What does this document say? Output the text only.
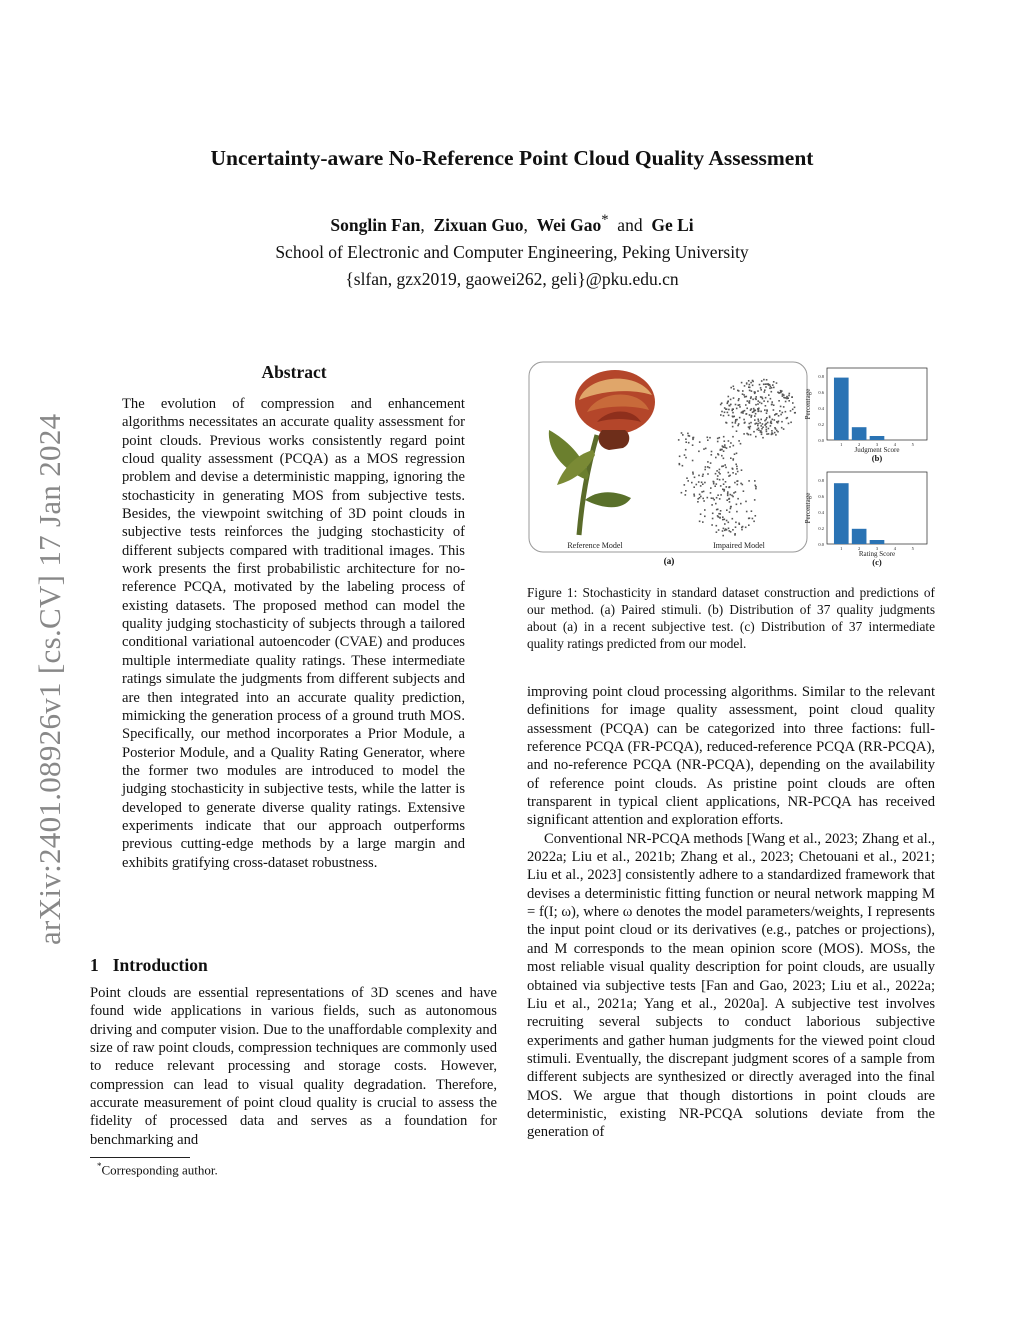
arXiv:2401.08926v1 [cs.CV] 17 Jan 2024
Uncertainty-aware No-Reference Point Cloud Quality Assessment
Songlin Fan, Zixuan Guo, Wei Gao* and Ge Li
School of Electronic and Computer Engineering, Peking University
{slfan, gzx2019, gaowei262, geli}@pku.edu.cn
Abstract

The evolution of compression and enhancement algorithms necessitates an accurate quality assessment for point clouds. Previous works consistently regard point cloud quality assessment (PCQA) as a MOS regression problem and devise a deterministic mapping, ignoring the stochasticity in generating MOS from subjective tests. Besides, the viewpoint switching of 3D point clouds in subjective tests reinforces the judging stochasticity of different subjects compared with traditional images. This work presents the first probabilistic architecture for no-reference PCQA, motivated by the labeling process of existing datasets. The proposed method can model the quality judging stochasticity of subjects through a tailored conditional variational autoencoder (CVAE) and produces multiple intermediate quality ratings. These intermediate ratings simulate the judgments from different subjects and are then integrated into an accurate quality prediction, mimicking the generation process of a ground truth MOS. Specifically, our method incorporates a Prior Module, a Posterior Module, and a Quality Rating Generator, where the former two modules are introduced to model the judging stochasticity in subjective tests, while the latter is developed to generate diverse quality ratings. Extensive experiments indicate that our approach outperforms previous cutting-edge methods by a large margin and exhibits gratifying cross-dataset robustness.

1 Introduction

Point clouds are essential representations of 3D scenes and have found wide applications in various fields, such as autonomous driving and computer vision. Due to the unaffordable complexity and size of raw point clouds, compression techniques are commonly used to reduce relevant processing and storage costs. However, compression can lead to visual quality degradation. Therefore, accurate measurement of point cloud quality is crucial to assess the fidelity of processed data and serves as a foundation for benchmarking and

*Corresponding author.
Reference Model	Impaired Model
(a)
0.0
0.2
0.4
0.6
0.8
1	2	3	4	5
Judgment Score
(b)
Percentage
0.0
0.2
0.4
0.6
0.8
1	2	3	4	5
Rating Score
(c)
Percentage
Figure 1: Stochasticity in standard dataset construction and predictions of our method. (a) Paired stimuli. (b) Distribution of 37 quality judgments about (a) in a recent subjective test. (c) Distribution of 37 intermediate quality ratings predicted from our model.

improving point cloud processing algorithms. Similar to the relevant definitions for image quality assessment, point cloud quality assessment (PCQA) can be categorized into three factions: full-reference PCQA (FR-PCQA), reduced-reference PCQA (RR-PCQA), and no-reference PCQA (NR-PCQA), depending on the availability of reference point clouds. As pristine point clouds are often transparent in typical client applications, NR-PCQA has received significant attention and exploration efforts.

Conventional NR-PCQA methods [Wang et al., 2023; Zhang et al., 2022a; Liu et al., 2021b; Zhang et al., 2023; Chetouani et al., 2021; Liu et al., 2023] consistently adhere to a standardized framework that devises a deterministic fitting function or neural network mapping M = f(I; ω), where ω denotes the model parameters/weights, I represents the input point cloud or its derivatives (e.g., patches or projections), and M corresponds to the mean opinion score (MOS). MOSs, the most reliable visual quality description for point clouds, are usually obtained via subjective tests [Fan and Gao, 2023; Liu et al., 2022a; Liu et al., 2021a; Yang et al., 2020a]. A subjective test involves recruiting several subjects to conduct laborious subjective experiments and gather human judgments for the viewed point cloud stimuli. Eventually, the discrepant judgment scores of a sample from different subjects are synthesized or directly averaged into the final MOS. We argue that though distortions in point clouds are deterministic, existing NR-PCQA solutions deviate from the generation of
